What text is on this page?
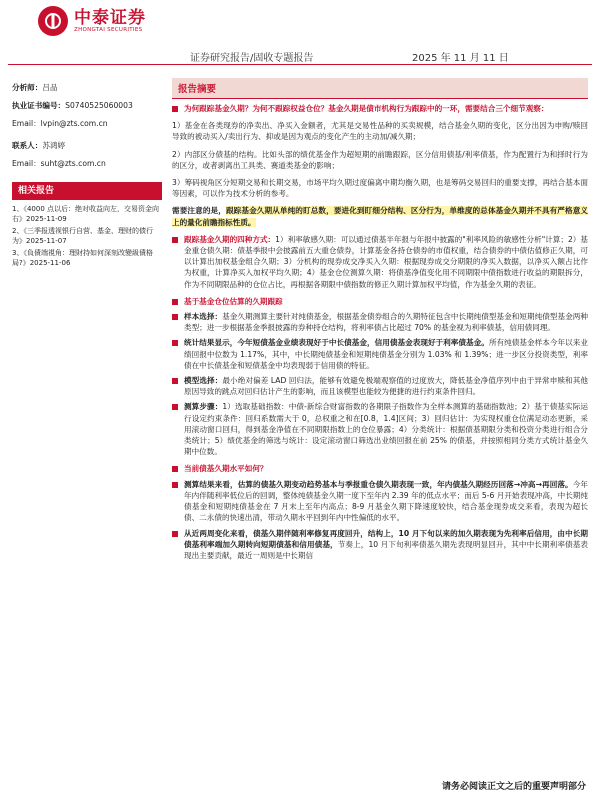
中泰证券
ZHONGTAI SECURITIES
证券研究报告/固收专题报告	2025 年 11 月 11 日
分析师：吕品
执业证书编号：S0740525060003
Email：lvpin@zts.com.cn
联系人：苏鸿婷
Email：suht@zts.com.cn
相关报告
1、《4000 点以后：绝对收益向左，交易资金向右》2025-11-09
2、《三季报透视银行自营、基金、理财的债行为》2025-11-07
3、《負債端視角：理財持如何深刻改變級債格局?》2025-11-06
报告摘要
为何跟踪基金久期？为何不跟踪权益仓位？基金久期是债市机构行为跟踪中的一环，需要结合三个细节观察：
1）基金在各类现券的净卖出、净买入金额者，尤其是交易性品种的买卖规模，结合基金久期的变化，区分出因为申购/赎回导致的被动买入/卖出行为、抑或是因为观点的变化产生的主动加/减久期；
2）内部区分债基的结构。比如头部的绩优基金作为超短期的前瞻跟踪，区分信用债基/利率债基，作为配置行为和择时行为的区分，或者剥离出工具类、赛道类基金的影响；
3）筹码视角区分短期交易和长期交易，市场平均久期过度偏离中期均衡久期，也是筹码交易回归的重要支撑，再结合基本面等因素，可以作为技术分析的参考。
需要注意的是，跟踪基金久期从单纯的盯总数，要进化到盯细分结构、区分行为，单维度的总体基金久期并不具有严格意义上的量化前瞻指标性质。
跟踪基金久期的四种方式：1）利率敏感久期：可以通过债基半年报与年报中披露的"利率风险的敏感性分析"计算；2）基金重仓债久期：债基季报中会披露前五大重仓债券，计算基金各持仓债券的市值权重，结合债券的中债估值修正久期，可以计算出加权基金组合久期；3）分机构的现券成交净买入久期：根据现券成交分期限的净买入数据，以净买入额占比作为权重，计算净买入加权平均久期；4）基金仓位测算久期：将债基净值变化用不同期限中债指数进行收益的期限拆分，作为不同期限品种的仓位占比，再根据各期限中债指数的修正久期计算加权平均值，作为基金久期的表征。
基于基金仓位估算的久期跟踪
样本选择：基金久期测算主要针对纯债基金，根据基金债券组合的久期特征包含中长期纯债型基金和短期纯债型基金两种类型；进一步根据基金季报披露的券种持仓结构，将利率债占比超过 70% 的基金视为利率债基，信用债同理。
统计结果显示，今年短债基金业绩表现好于中长债基金，信用债基金表现好于利率债基金。所有纯债基金样本今年以来业绩回报中位数为 1.17%，其中，中长期纯债基金和短期纯债基金分别为 1.03% 和 1.39%；进一步区分投资类型，利率债在中长债基金和短债基金中均表现弱于信用债的特征。
模型选择：最小绝对偏差 LAD 回归法，能够有效避免极端观察值的过度放大，降低基金净值序列中由于异常申赎和其他原因导致的跳点对回归估计产生的影响，而且该模型也能较为便捷的进行约束条件回归。
测算步骤：1）选取基础指数：中债-新综合财富指数的各期限子指数作为全样本测算的基础指数池；2）基于债基实际运行设定约束条件：回归系数需大于 0，总权重之和在[0.8，1.4]区间；3）回归估计：为实现权重仓位满足动态更新，采用滚动窗口回归，得到基金净值在不同期限指数上的仓位暴露；4）分类统计：根据债基期限分类和投资分类进行组合分类统计；5）绩优基金的筛选与统计：设定滚动窗口筛选出业绩回报在前 25% 的债基，并按照相同分类方式统计基金久期中位数。
当前债基久期水平如何？
测算结果来看，估算的债基久期变动趋势基本与季报重仓债久期表现一致，年内债基久期经历回落→冲高→再回落。今年年内伴随利率低位后的回调，整体纯债基金久期一度下至年内 2.39 年的低点水平；而后 5-6 月开始表现冲高，中长期纯债基金和短期纯债基金在 7 月末上至年内高点；8-9 月基金久期下降速度较快，结合基金现券成交来看，表现为超长债、二永债的快速出清，带动久期水平回到年内中性偏低的水平。
从近两周变化来看，债基久期伴随利率修复再度回升，结构上，10 月下旬以来的加久期表现为先利率后信用，由中长期债基利率端加久期转向短期债基和信用债基，节奏上，10 月下旬利率债基久期先表现明显回升，其中中长期利率债基表现出主要贡献，最近一周则是中长期信
请务必阅读正文之后的重要声明部分
